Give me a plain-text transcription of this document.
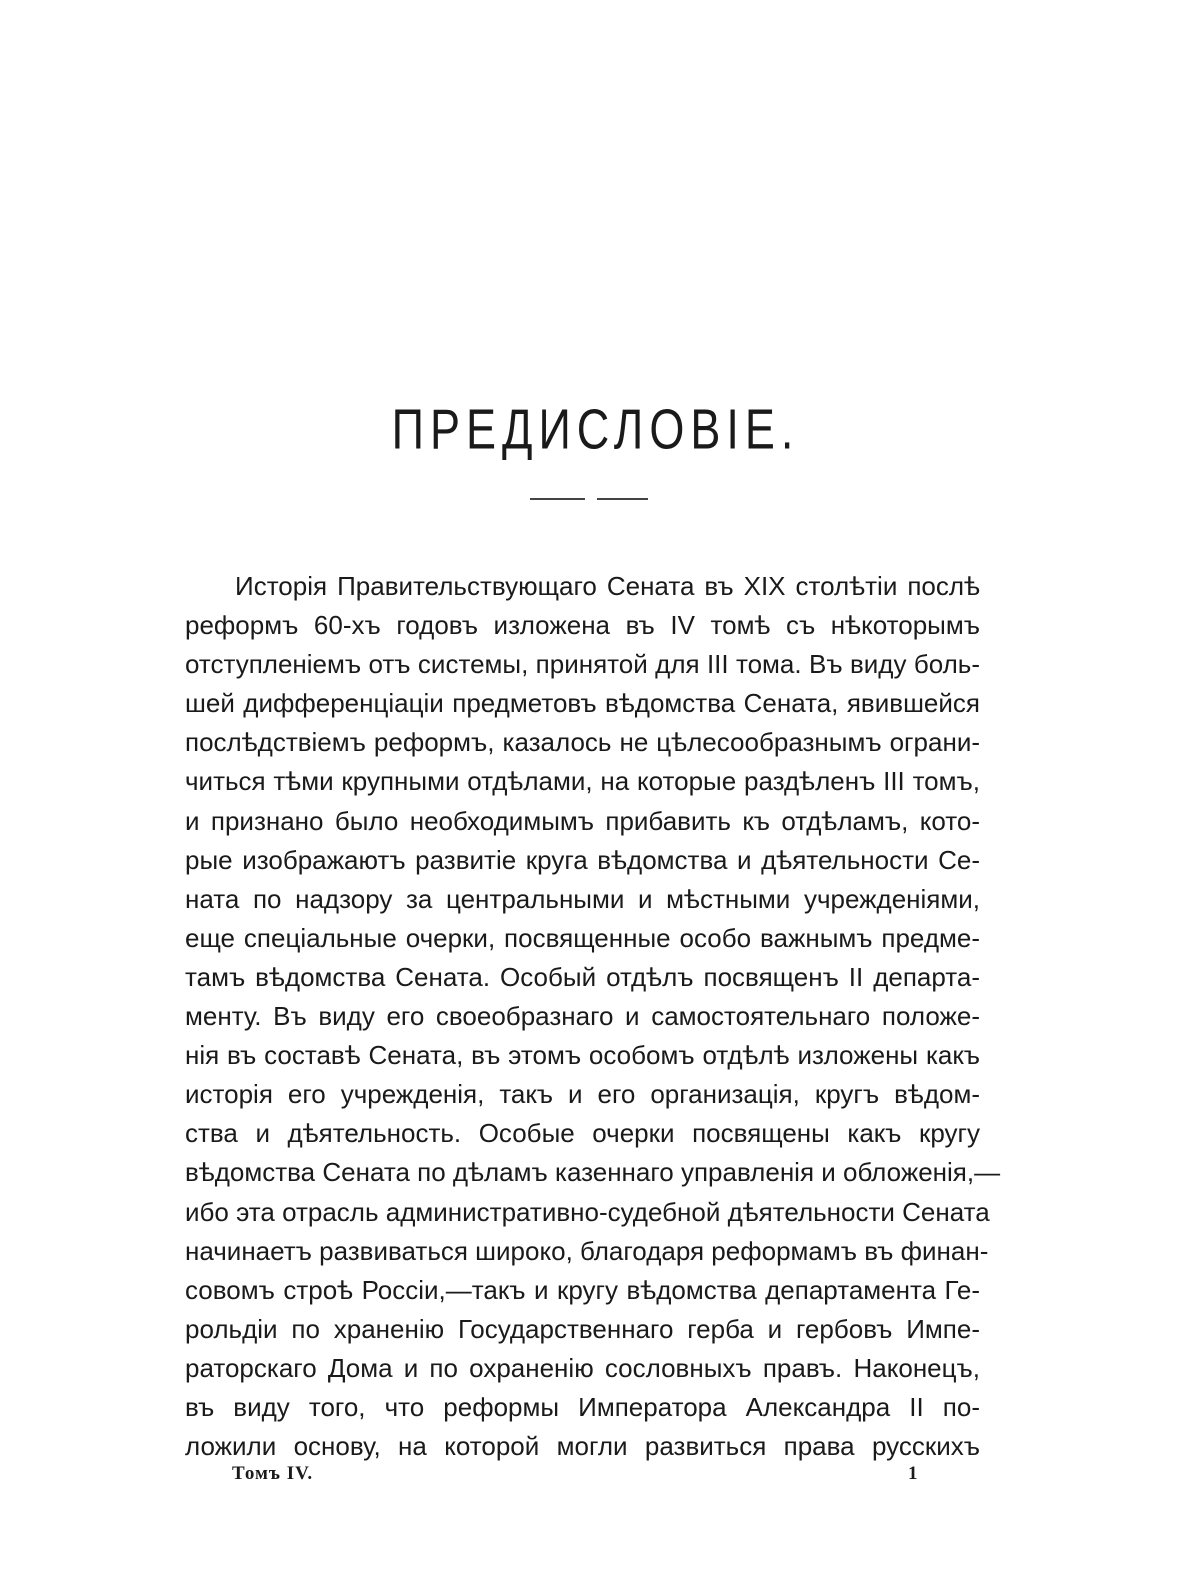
ПРЕДИСЛОВІЕ.
Исторія Правительствующаго Сената въ XIX столѣтіи послѣ
реформъ 60-хъ годовъ изложена въ IV томѣ съ нѣкоторымъ
отступленіемъ отъ системы, принятой для III тома. Въ виду боль-
шей дифференціаціи предметовъ вѣдомства Сената, явившейся
послѣдствіемъ реформъ, казалось не цѣлесообразнымъ ограни-
читься тѣми крупными отдѣлами, на которые раздѣленъ III томъ,
и признано было необходимымъ прибавить къ отдѣламъ, кото-
рые изображаютъ развитіе круга вѣдомства и дѣятельности Се-
ната по надзору за центральными и мѣстными учрежденіями,
еще спеціальные очерки, посвященные особо важнымъ предме-
тамъ вѣдомства Сената. Особый отдѣлъ посвященъ II департа-
менту. Въ виду его своеобразнаго и самостоятельнаго положе-
нія въ составѣ Сената, въ этомъ особомъ отдѣлѣ изложены какъ
исторія его учрежденія, такъ и его организація, кругъ вѣдом-
ства и дѣятельность. Особые очерки посвящены какъ кругу
вѣдомства Сената по дѣламъ казеннаго управленія и обложенія,—
ибо эта отрасль административно-судебной дѣятельности Сената
начинаетъ развиваться широко, благодаря реформамъ въ финан-
совомъ строѣ Россіи,—такъ и кругу вѣдомства департамента Ге-
рольдіи по храненію Государственнаго герба и гербовъ Импе-
раторскаго Дома и по охраненію сословныхъ правъ. Наконецъ,
въ виду того, что реформы Императора Александра II по-
ложили основу, на которой могли развиться права русскихъ

Томъ IV.	1
